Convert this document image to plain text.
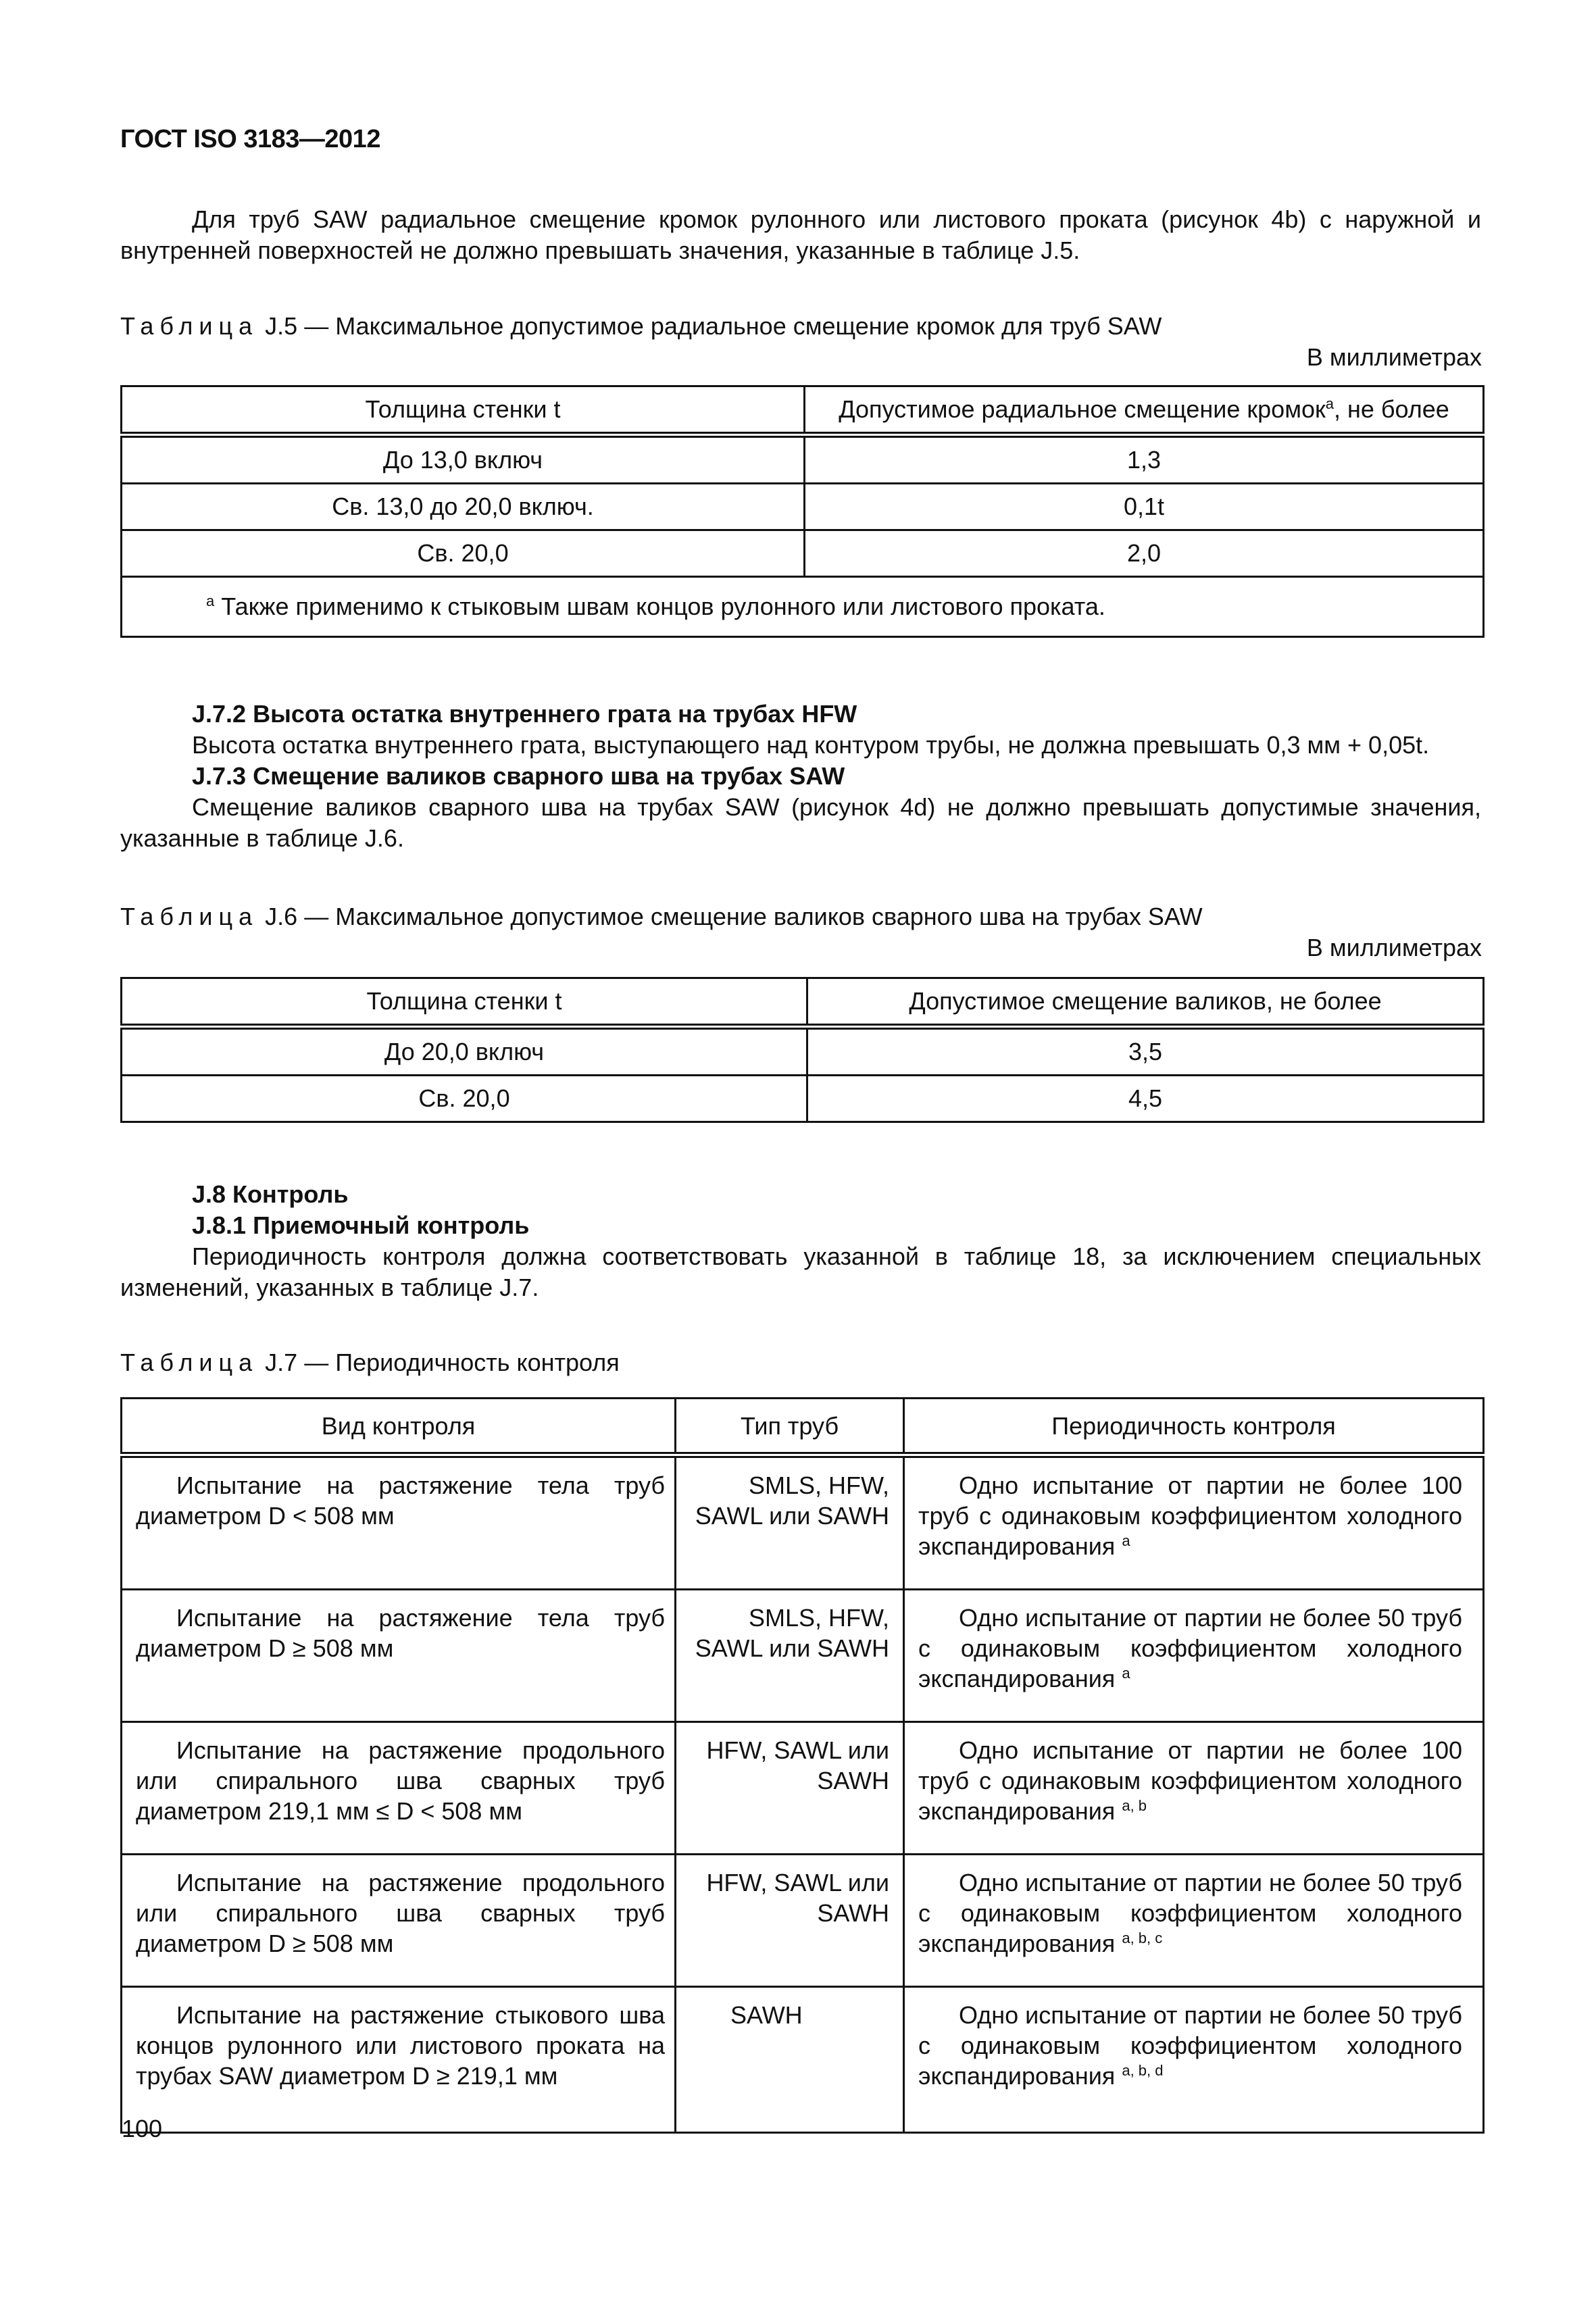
ГОСТ ISO 3183—2012
Для труб SAW радиальное смещение кромок рулонного или листового проката (рисунок 4b) с наружной и внутренней поверхностей не должно превышать значения, указанные в таблице J.5.
Таблица J.5 — Максимальное допустимое радиальное смещение кромок для труб SAW
В миллиметрах
Толщина стенки t	Допустимое радиальное смещение кромок$^a$, не более
До 13,0 включ	1,3
Св. 13,0 до 20,0 включ.	0,1t
Св. 20,0	2,0
$^a$ Также применимо к стыковым швам концов рулонного или листового проката.	
J.7.2 Высота остатка внутреннего грата на трубах HFW
Высота остатка внутреннего грата, выступающего над контуром трубы, не должна превышать 0,3 мм + 0,05t.
J.7.3 Смещение валиков сварного шва на трубах SAW
Смещение валиков сварного шва на трубах SAW (рисунок 4d) не должно превышать допустимые значения, указанные в таблице J.6.
Таблица J.6 — Максимальное допустимое смещение валиков сварного шва на трубах SAW
В миллиметрах
Толщина стенки t	Допустимое смещение валиков, не более
До 20,0 включ	3,5
Св. 20,0	4,5
J.8 Контроль
J.8.1 Приемочный контроль
Периодичность контроля должна соответствовать указанной в таблице 18, за исключением специальных изменений, указанных в таблице J.7.
Таблица J.7 — Периодичность контроля
Вид контроля	Тип труб	Периодичность контроля

Испытание на растяжение тела труб диаметром D < 508 мм	SMLS, HFW, SAWL или SAWH	Одно испытание от партии не более 100 труб с одинаковым коэффициентом холодного экспандирования $^a$

Испытание на растяжение тела труб диаметром D ≥ 508 мм	SMLS, HFW, SAWL или SAWH	Одно испытание от партии не более 50 труб с одинаковым коэффициентом холодного экспандирования $^a$

Испытание на растяжение продольного или спирального шва сварных труб диаметром 219,1 мм ≤ D < 508 мм	HFW, SAWL или SAWH	Одно испытание от партии не более 100 труб с одинаковым коэффициентом холодного экспандирования $^{a, b}$

Испытание на растяжение продольного или спирального шва сварных труб диаметром D ≥ 508 мм	HFW, SAWL или SAWH	Одно испытание от партии не более 50 труб с одинаковым коэффициентом холодного экспандирования $^{a, b, c}$

Испытание на растяжение стыкового шва концов рулонного или листового проката на трубах SAW диаметром D ≥ 219,1 мм	SAWH	Одно испытание от партии не более 50 труб с одинаковым коэффициентом холодного экспандирования $^{a, b, d}$
100
